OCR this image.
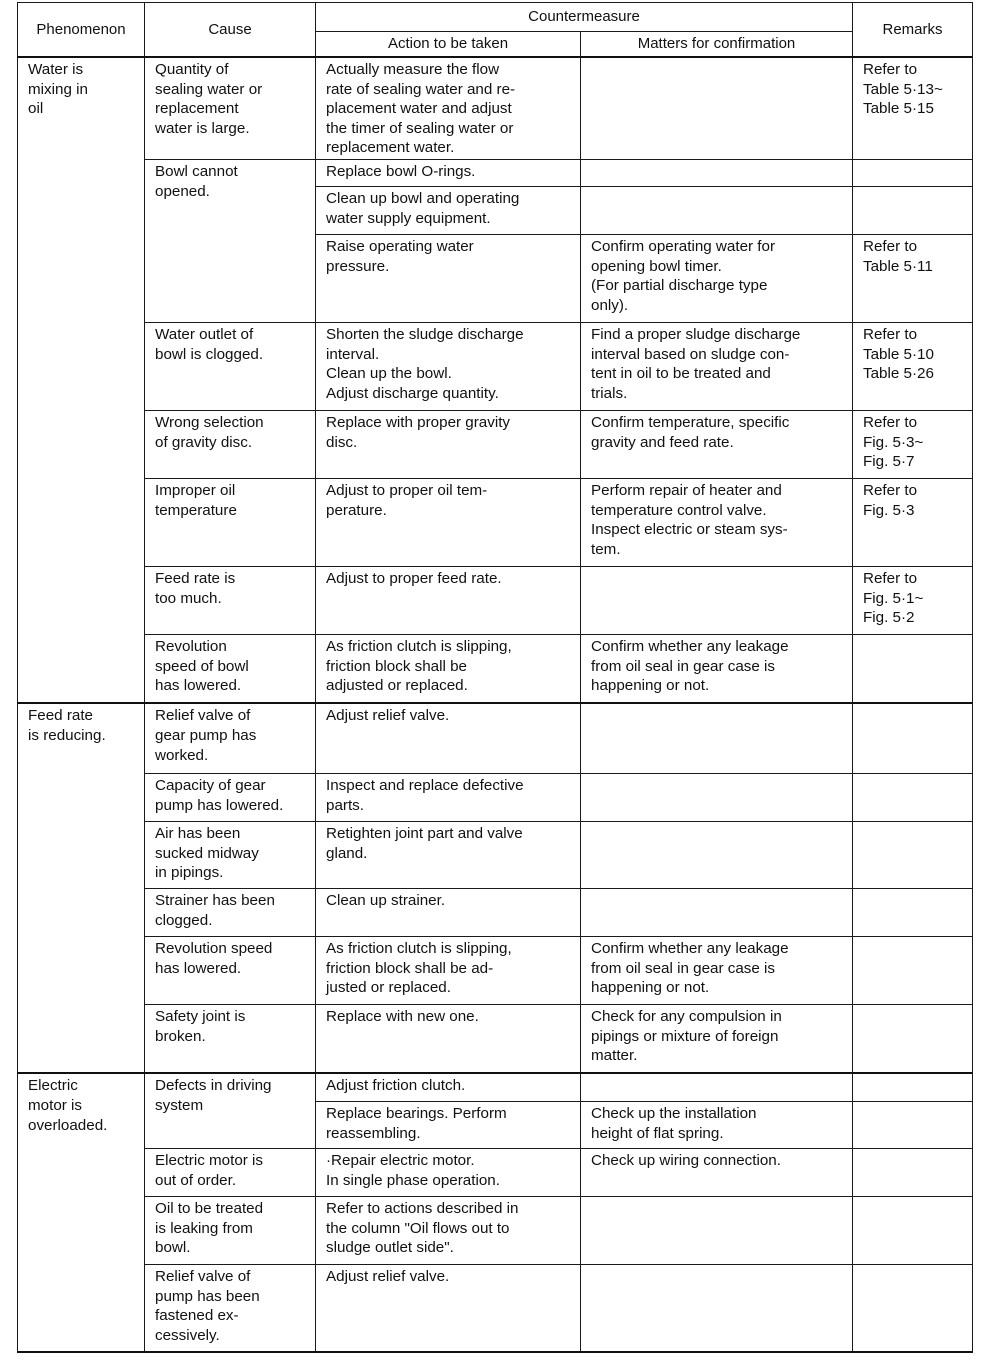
Phenomenon	Cause	Countermeasure		Remarks
		Action to be taken	Matters for confirmation	
Water is
mixing in
oil	Quantity of
sealing water or
replacement
water is large.	Actually measure the flow
rate of sealing water and re-
placement water and adjust
the timer of sealing water or
replacement water.		Refer to
Table 5·13~
Table 5·15
	Bowl cannot
opened.	Replace bowl O-rings.		
		Clean up bowl and operating
water supply equipment.		
		Raise operating water
pressure.	Confirm operating water for
opening bowl timer.
(For partial discharge type
only).	Refer to
Table 5·11
	Water outlet of
bowl is clogged.	Shorten the sludge discharge
interval.
Clean up the bowl.
Adjust discharge quantity.	Find a proper sludge discharge
interval based on sludge con-
tent in oil to be treated and
trials.	Refer to
Table 5·10
Table 5·26
	Wrong selection
of gravity disc.	Replace with proper gravity
disc.	Confirm temperature, specific
gravity and feed rate.	Refer to
Fig. 5·3~
Fig. 5·7
	Improper oil
temperature	Adjust to proper oil tem-
perature.	Perform repair of heater and
temperature control valve.
Inspect electric or steam sys-
tem.	Refer to
Fig. 5·3
	Feed rate is
too much.	Adjust to proper feed rate.		Refer to
Fig. 5·1~
Fig. 5·2
	Revolution
speed of bowl
has lowered.	As friction clutch is slipping,
friction block shall be
adjusted or replaced.	Confirm whether any leakage
from oil seal in gear case is
happening or not.	
Feed rate
is reducing.	Relief valve of
gear pump has
worked.	Adjust relief valve.		
	Capacity of gear
pump has lowered.	Inspect and replace defective
parts.		
	Air has been
sucked midway
in pipings.	Retighten joint part and valve
gland.		
	Strainer has been
clogged.	Clean up strainer.		
	Revolution speed
has lowered.	As friction clutch is slipping,
friction block shall be ad-
justed or replaced.	Confirm whether any leakage
from oil seal in gear case is
happening or not.	
	Safety joint is
broken.	Replace with new one.	Check for any compulsion in
pipings or mixture of foreign
matter.	
Electric
motor is
overloaded.	Defects in driving
system	Adjust friction clutch.		
		Replace bearings. Perform
reassembling.	Check up the installation
height of flat spring.	
	Electric motor is
out of order.	·Repair electric motor.
In single phase operation.	Check up wiring connection.	
	Oil to be treated
is leaking from
bowl.	Refer to actions described in
the column "Oil flows out to
sludge outlet side".		
	Relief valve of
pump has been
fastened ex-
cessively.	Adjust relief valve.		
